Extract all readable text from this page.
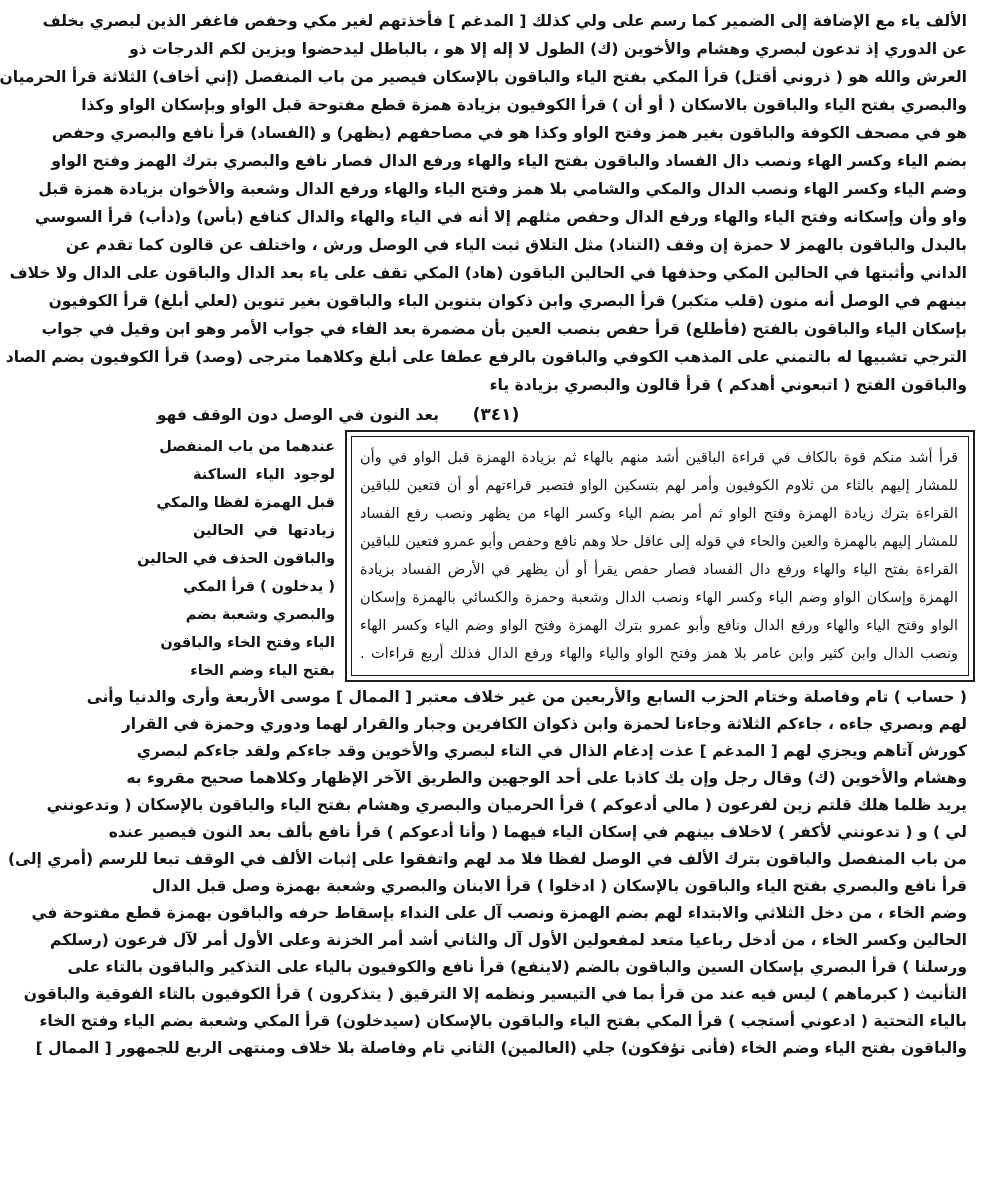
الألف ياء مع الإضافة إلى الضمير كما رسم على ولي كذلك [ المدغم ] فأخذتهم لغير مكي وحفص فاغفر الذين لبصري بخلف
عن الدوري إذ تدعون لبصري وهشام والأخوين (ك) الطول لا إله إلا هو ، بالباطل ليدحضوا ويزين لكم الدرجات ذو
العرش والله هو ( ذروني أقتل) قرأ المكي بفتح الياء والباقون بالإسكان فيصير من باب المنفصل (إني أخاف) الثلاثة قرأ الحرميان
والبصري بفتح الياء والباقون بالاسكان ( أو أن ) قرأ الكوفيون بزيادة همزة قطع مفتوحة قبل الواو وبإسكان الواو وكذا
هو في مصحف الكوفة والباقون بغير همز وفتح الواو وكذا هو في مصاحفهم (يظهر) و (الفساد) قرأ نافع والبصري وحفص
بضم الياء وكسر الهاء ونصب دال الفساد والباقون بفتح الياء والهاء ورفع الدال فصار نافع والبصري بترك الهمز وفتح الواو
وضم الياء وكسر الهاء ونصب الدال والمكي والشامي بلا همز وفتح الياء والهاء ورفع الدال وشعبة والأخوان بزيادة همزة قبل
واو وأن وإسكانه وفتح الياء والهاء ورفع الدال وحفص مثلهم إلا أنه في الياء والهاء والدال كنافع (بأس) و(دأب) قرأ السوسي
بالبدل والباقون بالهمز لا حمزة إن وقف (التناد) مثل التلاق ثبت الياء في الوصل ورش ، واختلف عن قالون كما تقدم عن
الداني وأثبتها في الحالين المكي وحذفها في الحالين الباقون (هاد) المكي تقف على ياء بعد الدال والباقون على الدال ولا خلاف
بينهم في الوصل أنه منون (قلب متكبر) قرأ البصري وابن ذكوان بتنوين الباء والباقون بغير تنوين (لعلي أبلغ) قرأ الكوفيون
بإسكان الياء والباقون بالفتح (فأطلع) قرأ حفص بنصب العين بأن مضمرة بعد الفاء في جواب الأمر وهو ابن وقيل في جواب
الترجي تشبيها له بالتمني على المذهب الكوفي والباقون بالرفع عطفا على أبلغ وكلاهما مترجى (وصد) قرأ الكوفيون بضم الصاد
والباقون الفتح ( اتبعوني أهدكم ) قرأ قالون والبصري بزيادة ياء
(٣٤١)
بعد النون في الوصل دون الوقف فهو
عندهما من باب المنفصل
لوجود الياء الساكنة
قبل الهمزة لفظا والمكي
زيادتها في الحالين
والباقون الحذف في الحالين
( يدخلون ) قرأ المكي
والبصري وشعبة بضم
الياء وفتح الخاء والباقون
بفتح الياء وضم الخاء
قرأ أشد منكم قوة بالكاف في قراءة الباقين أشد منهم بالهاء ثم بزيادة الهمزة قبل الواو في وأن
للمشار إليهم بالثاء من ثلاوم الكوفيون وأمر لهم بتسكين الواو فتصير قراءتهم أو أن فتعين للباقين
القراءة بترك زيادة الهمزة وفتح الواو ثم أمر بضم الياء وكسر الهاء من يظهر ونصب رفع الفساد
للمشار إليهم بالهمزة والعين والحاء في قوله إلى عاقل حلا وهم نافع وحفص وأبو عمرو فتعين للباقين
القراءة بفتح الياء والهاء ورفع دال الفساد فصار حفص يقرأ أو أن يظهر في الأرض الفساد بزيادة
الهمزة وإسكان الواو وضم الياء وكسر الهاء ونصب الدال وشعبة وحمزة والكسائي بالهمزة وإسكان
الواو وفتح الياء والهاء ورفع الدال ونافع وأبو عمرو بترك الهمزة وفتح الواو وضم الياء وكسر الهاء
ونصب الدال وابن كثير وابن عامر بلا همز وفتح الواو والياء والهاء ورفع الدال فذلك أربع قراءات .
( حساب ) تام وفاصلة وختام الحزب السابع والأربعين من غير خلاف معتبر [ الممال ] موسى الأربعة وأرى والدنيا وأنى
لهم وبصري جاءه ، جاءكم الثلاثة وجاءنا لحمزة وابن ذكوان الكافرين وجبار والقرار لهما ودوري وحمزة في القرار
كورش آتاهم ويجزي لهم [ المدغم ] عذت إدغام الذال في التاء لبصري والأخوين وقد جاءكم ولقد جاءكم لبصري
وهشام والأخوين (ك) وقال رجل وإن يك كاذبا على أحد الوجهين والطريق الآخر الإظهار وكلاهما صحيح مقروء به
يريد ظلما هلك قلتم زين لفرعون ( مالي أدعوكم ) قرأ الحرميان والبصري وهشام بفتح الياء والباقون بالإسكان ( وتدعونني
لي ) و ( تدعونني لأكفر ) لاخلاف بينهم في إسكان الياء فيهما ( وأنا أدعوكم ) قرأ نافع بألف بعد النون فيصير عنده
من باب المنفصل والباقون بترك الألف في الوصل لفظا فلا مد لهم واتفقوا على إثبات الألف في الوقف تبعا للرسم (أمري إلى)
قرأ نافع والبصري بفتح الياء والباقون بالإسكان ( ادخلوا ) قرأ الابنان والبصري وشعبة بهمزة وصل قبل الدال
وضم الخاء ، من دخل الثلاثي والابتداء لهم بضم الهمزة ونصب آل على النداء بإسقاط حرفه والباقون بهمزة قطع مفتوحة في
الحالين وكسر الخاء ، من أدخل رباعيا متعد لمفعولين الأول آل والثاني أشد أمر الخزنة وعلى الأول أمر لآل فرعون (رسلكم
ورسلنا ) قرأ البصري بإسكان السين والباقون بالضم (لاينفع) قرأ نافع والكوفيون بالياء على التذكير والباقون بالتاء على
التأنيث ( كبرماهم ) ليس فيه عند من قرأ بما في التيسير ونظمه إلا الترقيق ( يتذكرون ) قرأ الكوفيون بالتاء الفوقية والباقون
بالياء التحتية ( ادعوني أستجب ) قرأ المكي بفتح الياء والباقون بالإسكان (سيدخلون) قرأ المكي وشعبة بضم الياء وفتح الخاء
والباقون بفتح الياء وضم الخاء (فأنى تؤفكون) جلي (العالمين) الثاني تام وفاصلة بلا خلاف ومنتهى الربع للجمهور [ الممال ]
